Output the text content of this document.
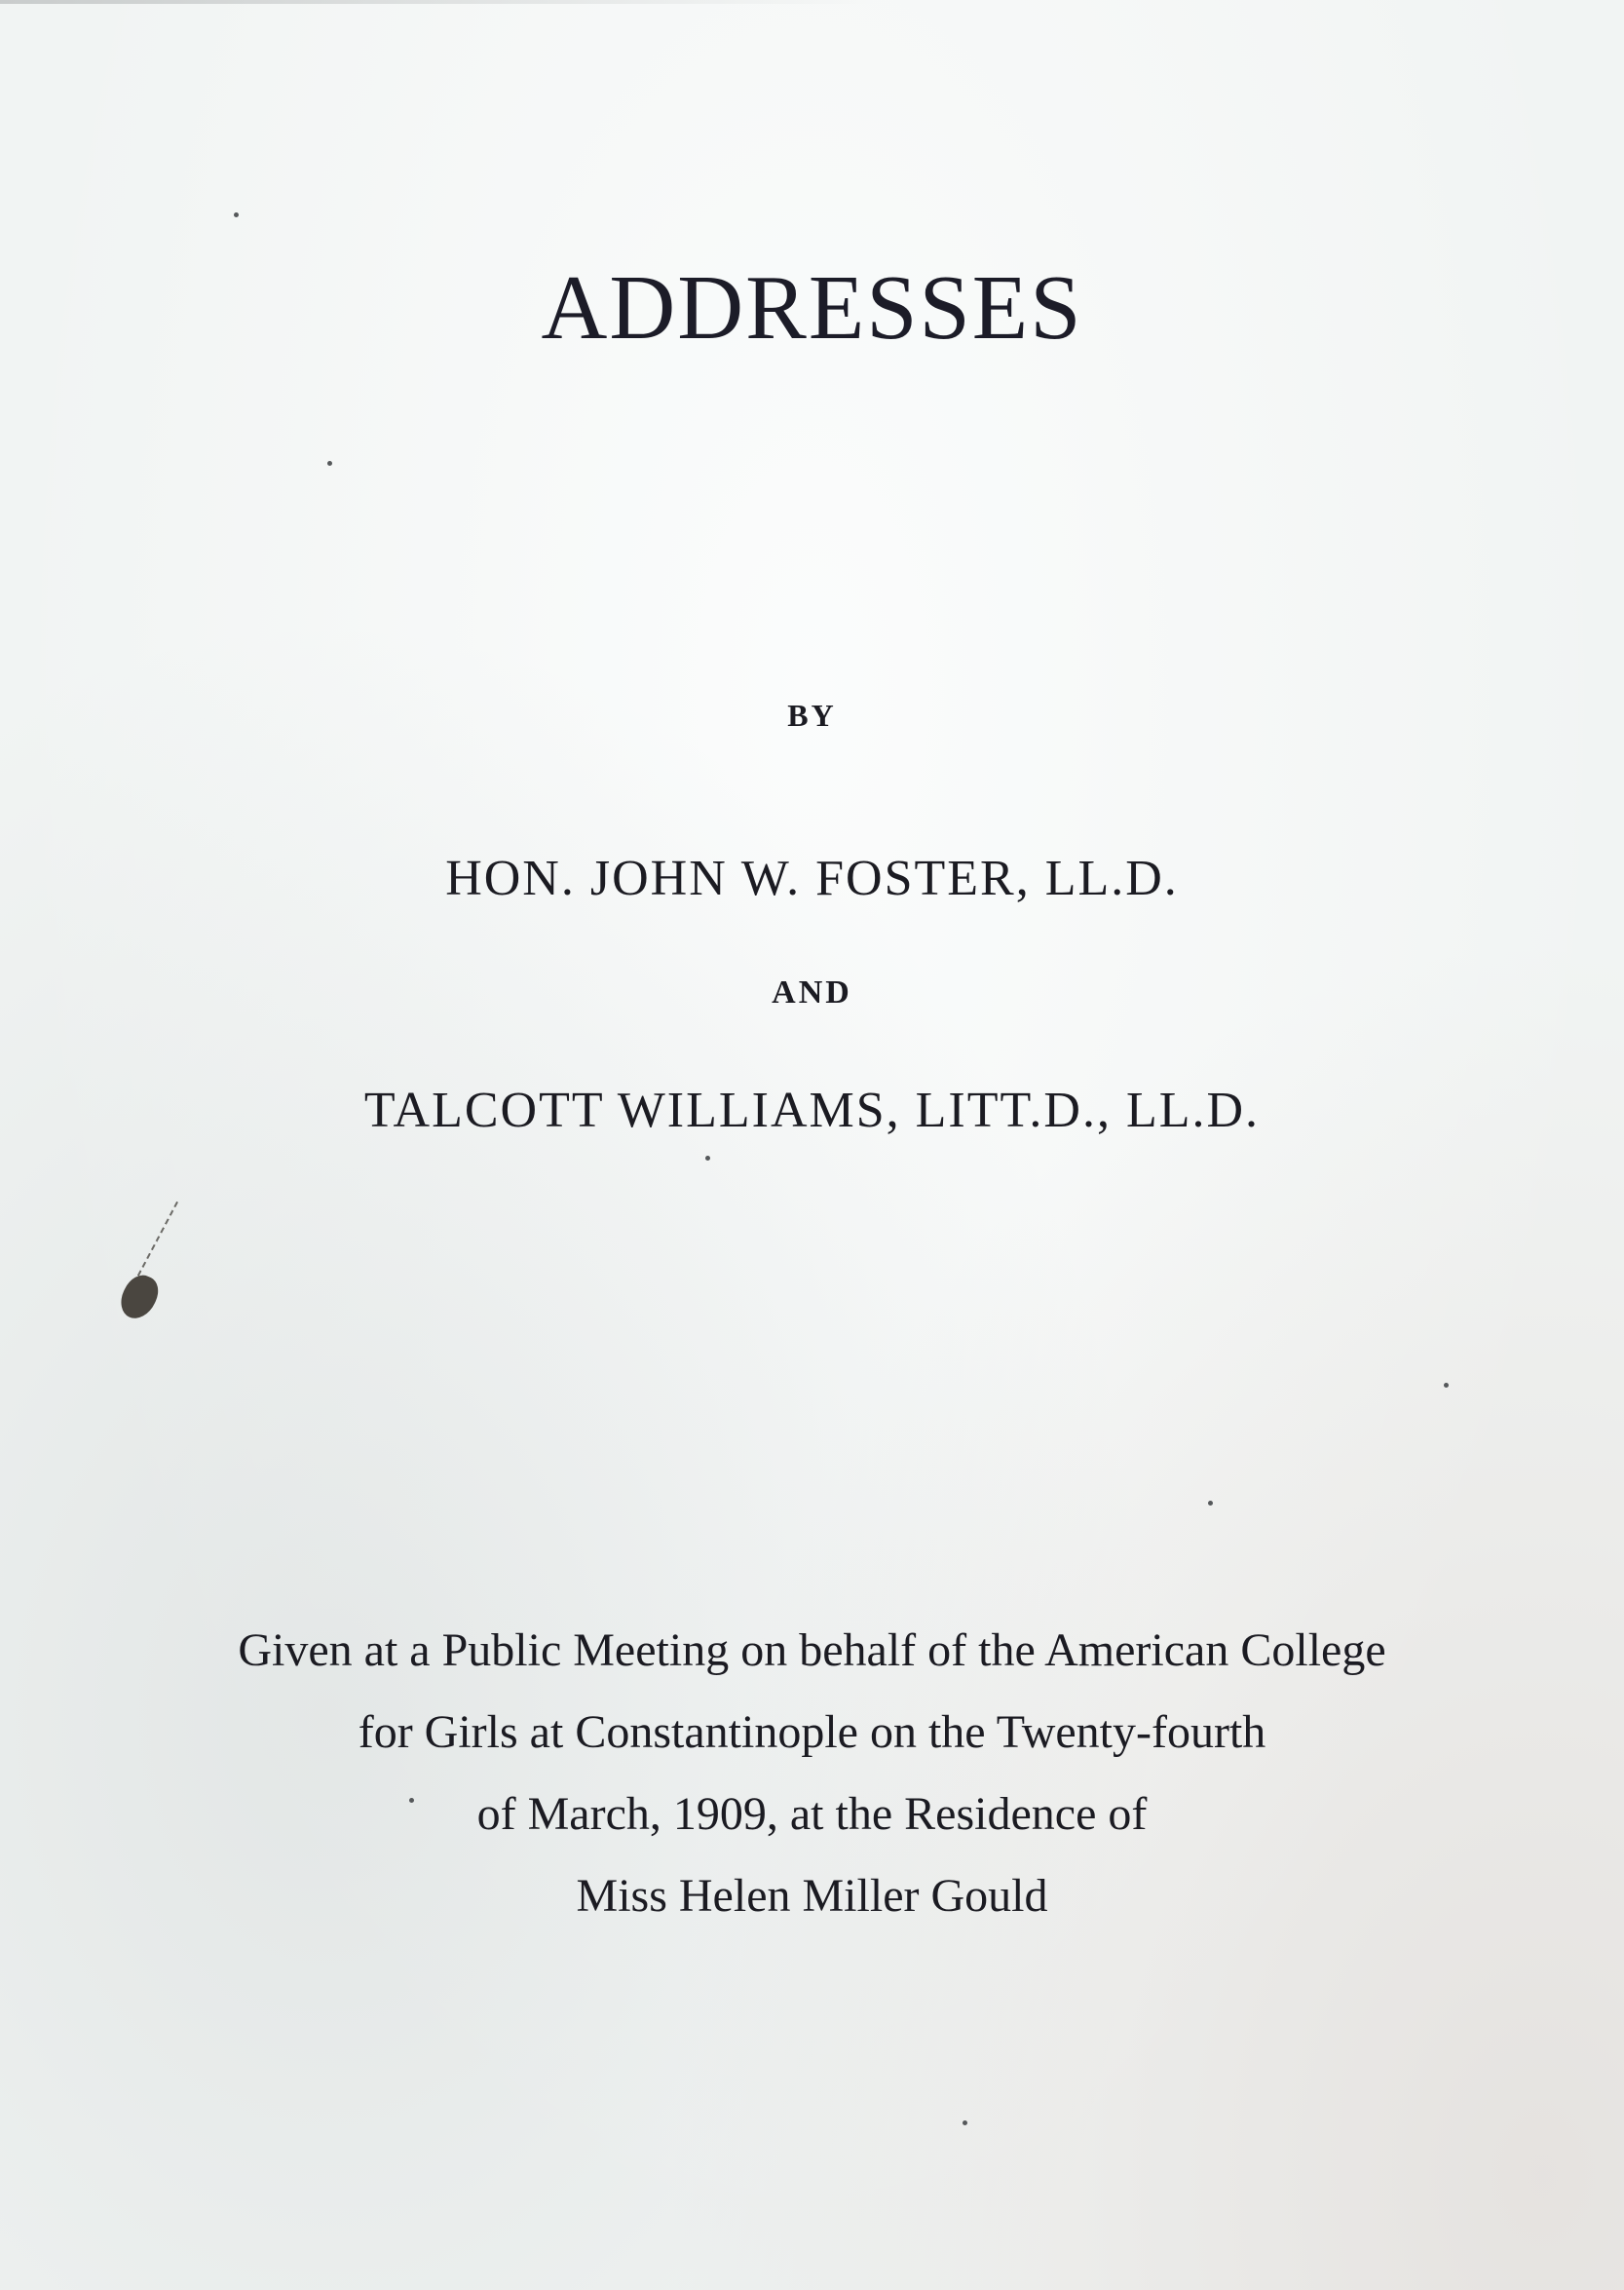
ADDRESSES
BY
HON. JOHN W. FOSTER, LL.D.
AND
TALCOTT WILLIAMS, LITT.D., LL.D.
Given at a Public Meeting on behalf of the American College
for Girls at Constantinople on the Twenty-fourth
of March, 1909, at the Residence of
Miss Helen Miller Gould
